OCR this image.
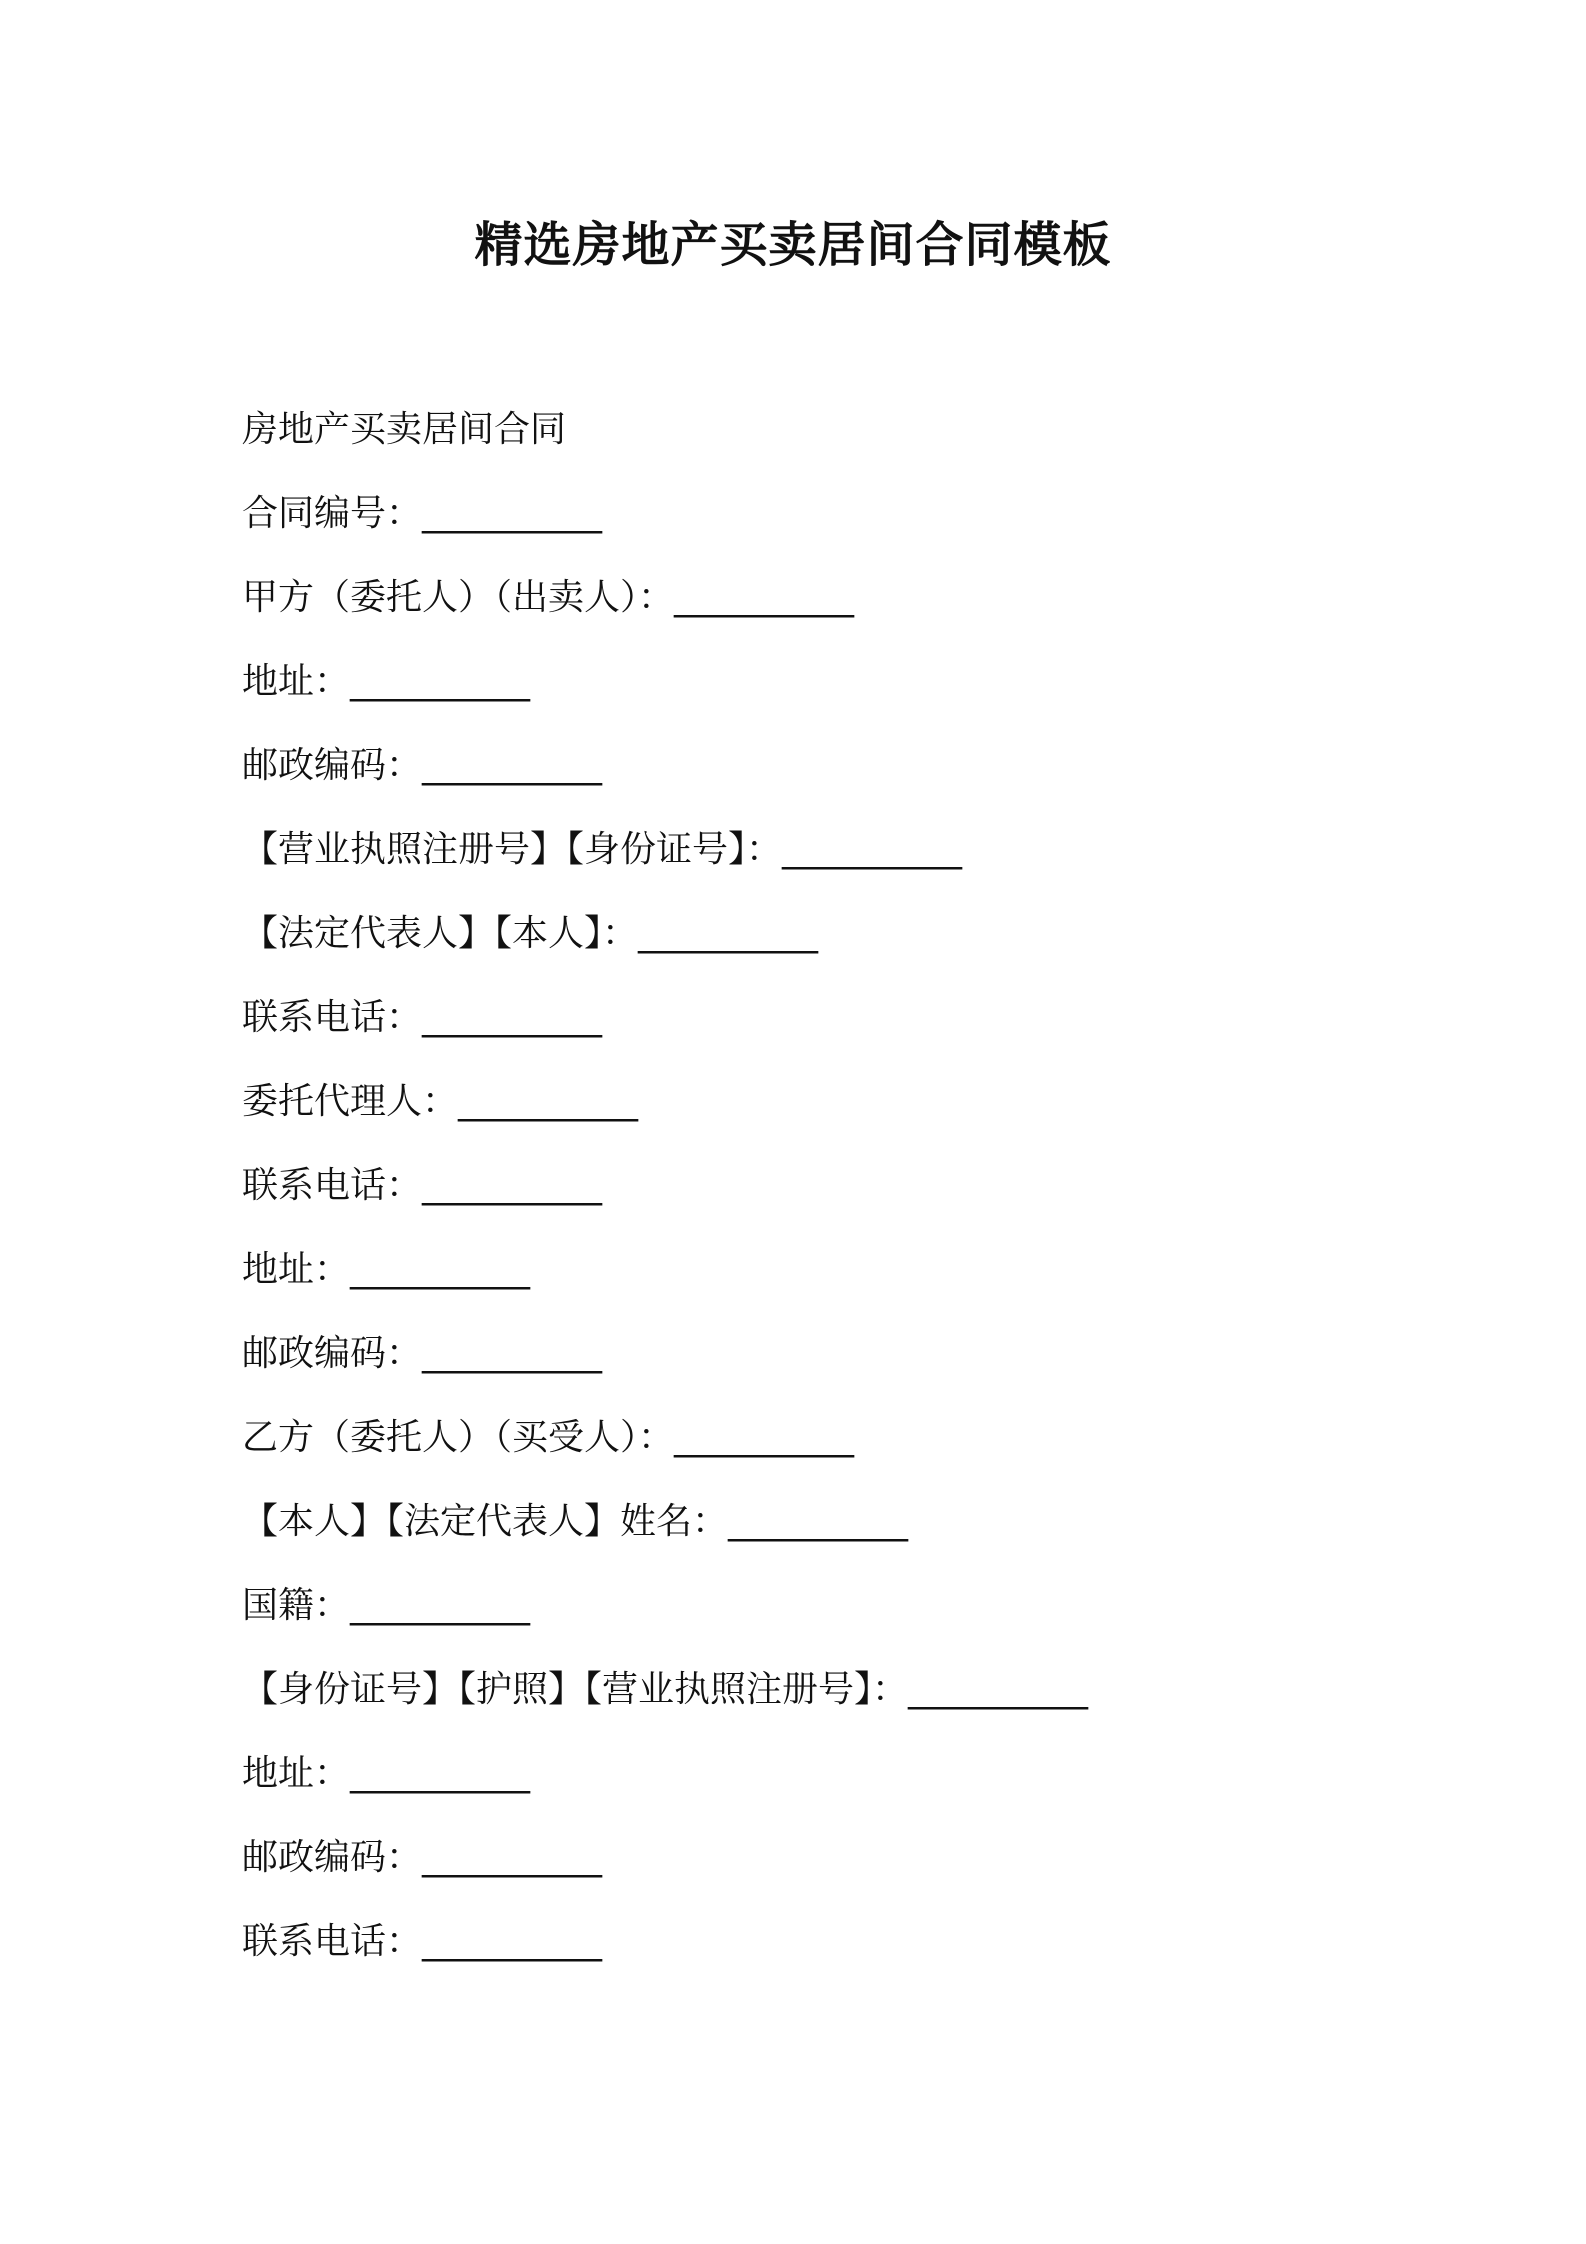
精选房地产买卖居间合同模板
房地产买卖居间合同
合同编号：__________
甲方（委托人）（出卖人）：__________
地址：__________
邮政编码：__________
【营业执照注册号】【身份证号】：__________
【法定代表人】【本人】：__________
联系电话：__________
委托代理人：__________
联系电话：__________
地址：__________
邮政编码：__________
乙方（委托人）（买受人）：__________
【本人】【法定代表人】姓名：__________
国籍：__________
【身份证号】【护照】【营业执照注册号】：__________
地址：__________
邮政编码：__________
联系电话：__________
